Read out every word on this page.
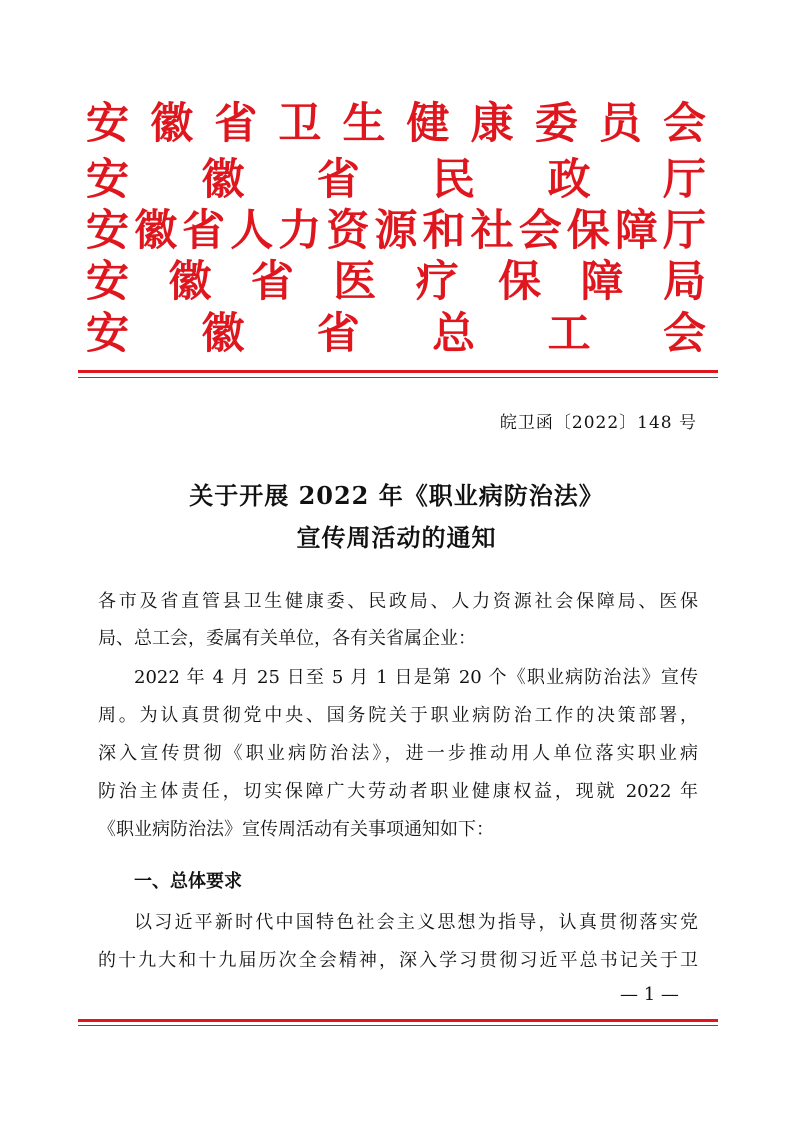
安 徽 省 卫 生 健 康 委 员 会
安 徽 省 民 政 厅
安 徽 省 人 力 资 源 和 社 会 保 障 厅
安 徽 省 医 疗 保 障 局
安 徽 省 总 工 会
皖卫函〔2022〕148 号
关于开展 2022 年《职业病防治法》
宣传周活动的通知
各市及省直管县卫生健康委、民政局、人力资源社会保障局、医保
局、总工会，委属有关单位，各有关省属企业：
2022 年 4 月 25 日至 5 月 1 日是第 20 个《职业病防治法》宣传
周。为认真贯彻党中央、国务院关于职业病防治工作的决策部署，
深入宣传贯彻《职业病防治法》，进一步推动用人单位落实职业病
防治主体责任，切实保障广大劳动者职业健康权益，现就 2022 年
《职业病防治法》宣传周活动有关事项通知如下：
一、总体要求
以习近平新时代中国特色社会主义思想为指导，认真贯彻落实党
的十九大和十九届历次全会精神，深入学习贯彻习近平总书记关于卫
— 1 —
